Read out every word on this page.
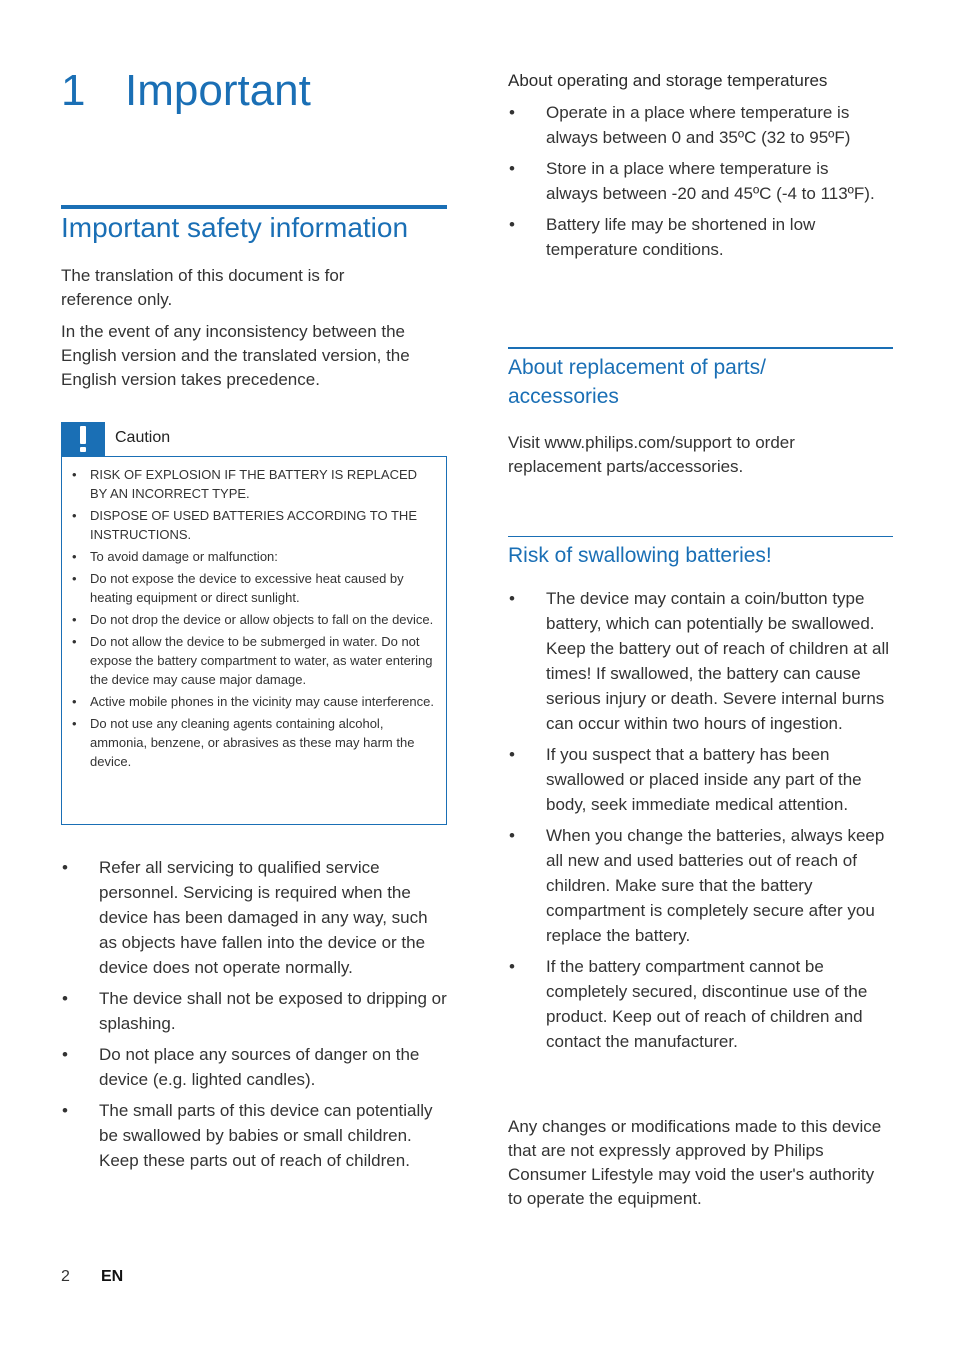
1 Important
Important safety information

The translation of this document is for reference only.

In the event of any inconsistency between the English version and the translated version, the English version takes precedence.

Caution
• RISK OF EXPLOSION IF THE BATTERY IS REPLACED BY AN INCORRECT TYPE.
• DISPOSE OF USED BATTERIES ACCORDING TO THE INSTRUCTIONS.
• To avoid damage or malfunction:
• Do not expose the device to excessive heat caused by heating equipment or direct sunlight.
• Do not drop the device or allow objects to fall on the device.
• Do not allow the device to be submerged in water. Do not expose the battery compartment to water, as water entering the device may cause major damage.
• Active mobile phones in the vicinity may cause interference.
• Do not use any cleaning agents containing alcohol, ammonia, benzene, or abrasives as these may harm the device.
• Refer all servicing to qualified service personnel. Servicing is required when the device has been damaged in any way, such as objects have fallen into the device or the device does not operate normally.
• The device shall not be exposed to dripping or splashing.
• Do not place any sources of danger on the device (e.g. lighted candles).
• The small parts of this device can potentially be swallowed by babies or small children. Keep these parts out of reach of children.
About operating and storage temperatures
• Operate in a place where temperature is always between 0 and 35ºC (32 to 95ºF)
• Store in a place where temperature is always between -20 and 45ºC (-4 to 113ºF).
• Battery life may be shortened in low temperature conditions.
About replacement of parts/
accessories

Visit www.philips.com/support to order replacement parts/accessories.

Risk of swallowing batteries!
• The device may contain a coin/button type battery, which can potentially be swallowed. Keep the battery out of reach of children at all times! If swallowed, the battery can cause serious injury or death. Severe internal burns can occur within two hours of ingestion.
• If you suspect that a battery has been swallowed or placed inside any part of the body, seek immediate medical attention.
• When you change the batteries, always keep all new and used batteries out of reach of children. Make sure that the battery compartment is completely secure after you replace the battery.
• If the battery compartment cannot be completely secured, discontinue use of the product. Keep out of reach of children and contact the manufacturer.

Any changes or modifications made to this device that are not expressly approved by Philips Consumer Lifestyle may void the user's authority to operate the equipment.

2 EN
